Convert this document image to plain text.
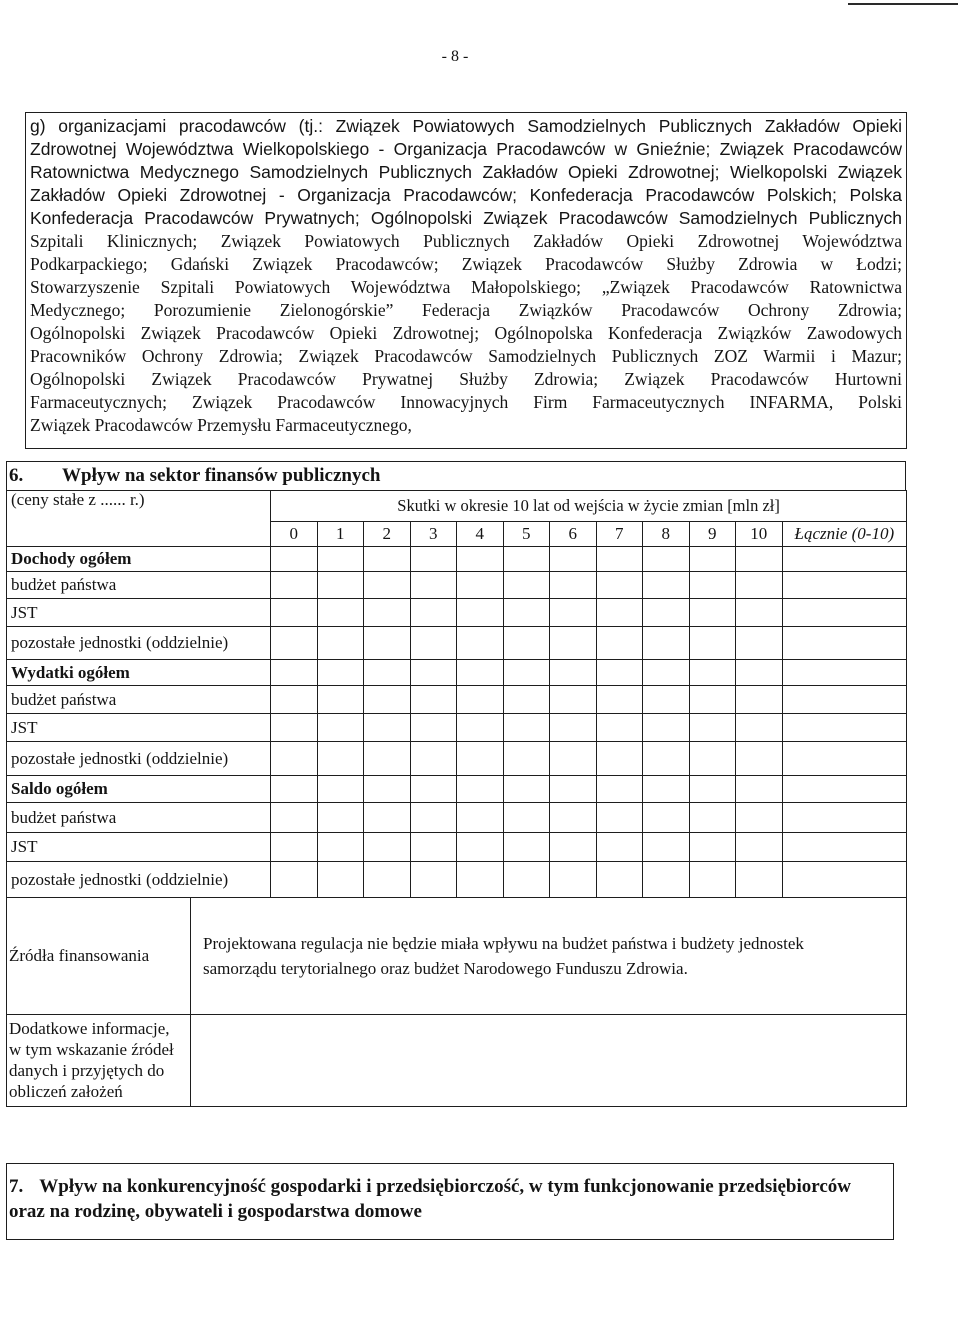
- 8 -
g) organizacjami pracodawców (tj.: Związek Powiatowych Samodzielnych Publicznych Zakładów Opieki
Zdrowotnej Województwa Wielkopolskiego - Organizacja Pracodawców w Gnieźnie; Związek Pracodawców
Ratownictwa Medycznego Samodzielnych Publicznych Zakładów Opieki Zdrowotnej; Wielkopolski Związek
Zakładów Opieki Zdrowotnej - Organizacja Pracodawców; Konfederacja Pracodawców Polskich; Polska
Konfederacja Pracodawców Prywatnych; Ogólnopolski Związek Pracodawców Samodzielnych Publicznych
Szpitali Klinicznych; Związek Powiatowych Publicznych Zakładów Opieki Zdrowotnej Województwa
Podkarpackiego; Gdański Związek Pracodawców; Związek Pracodawców Służby Zdrowia w Łodzi;
Stowarzyszenie Szpitali Powiatowych Województwa Małopolskiego; „Związek Pracodawców Ratownictwa
Medycznego; Porozumienie Zielonogórskie” Federacja Związków Pracodawców Ochrony Zdrowia;
Ogólnopolski Związek Pracodawców Opieki Zdrowotnej; Ogólnopolska Konfederacja Związków Zawodowych
Pracowników Ochrony Zdrowia; Związek Pracodawców Samodzielnych Publicznych ZOZ Warmii i Mazur;
Ogólnopolski Związek Pracodawców Prywatnej Służby Zdrowia; Związek Pracodawców Hurtowni
Farmaceutycznych; Związek Pracodawców Innowacyjnych Firm Farmaceutycznych INFARMA, Polski
Związek Pracodawców Przemysłu Farmaceutycznego,
6. Wpływ na sektor finansów publicznych
(ceny stałe z ...... r.)	Skutki w okresie 10 lat od wejścia w życie zmian [mln zł]											
	0	1	2	3	4	5	6	7	8	9	10	Łącznie (0-10)
Dochody ogółem												
budżet państwa												
JST												
pozostałe jednostki (oddzielnie)												
Wydatki ogółem												
budżet państwa												
JST												
pozostałe jednostki (oddzielnie)												
Saldo ogółem												
budżet państwa												
JST												
pozostałe jednostki (oddzielnie)												
Źródła finansowania	Projektowana regulacja nie będzie miała wpływu na budżet państwa i budżety jednostek
samorządu terytorialnego oraz budżet Narodowego Funduszu Zdrowia.

Dodatkowe informacje,
w tym wskazanie źródeł
danych i przyjętych do
obliczeń założeń	

7. Wpływ na konkurencyjność gospodarki i przedsiębiorczość, w tym funkcjonowanie przedsiębiorców
oraz na rodzinę, obywateli i gospodarstwa domowe
